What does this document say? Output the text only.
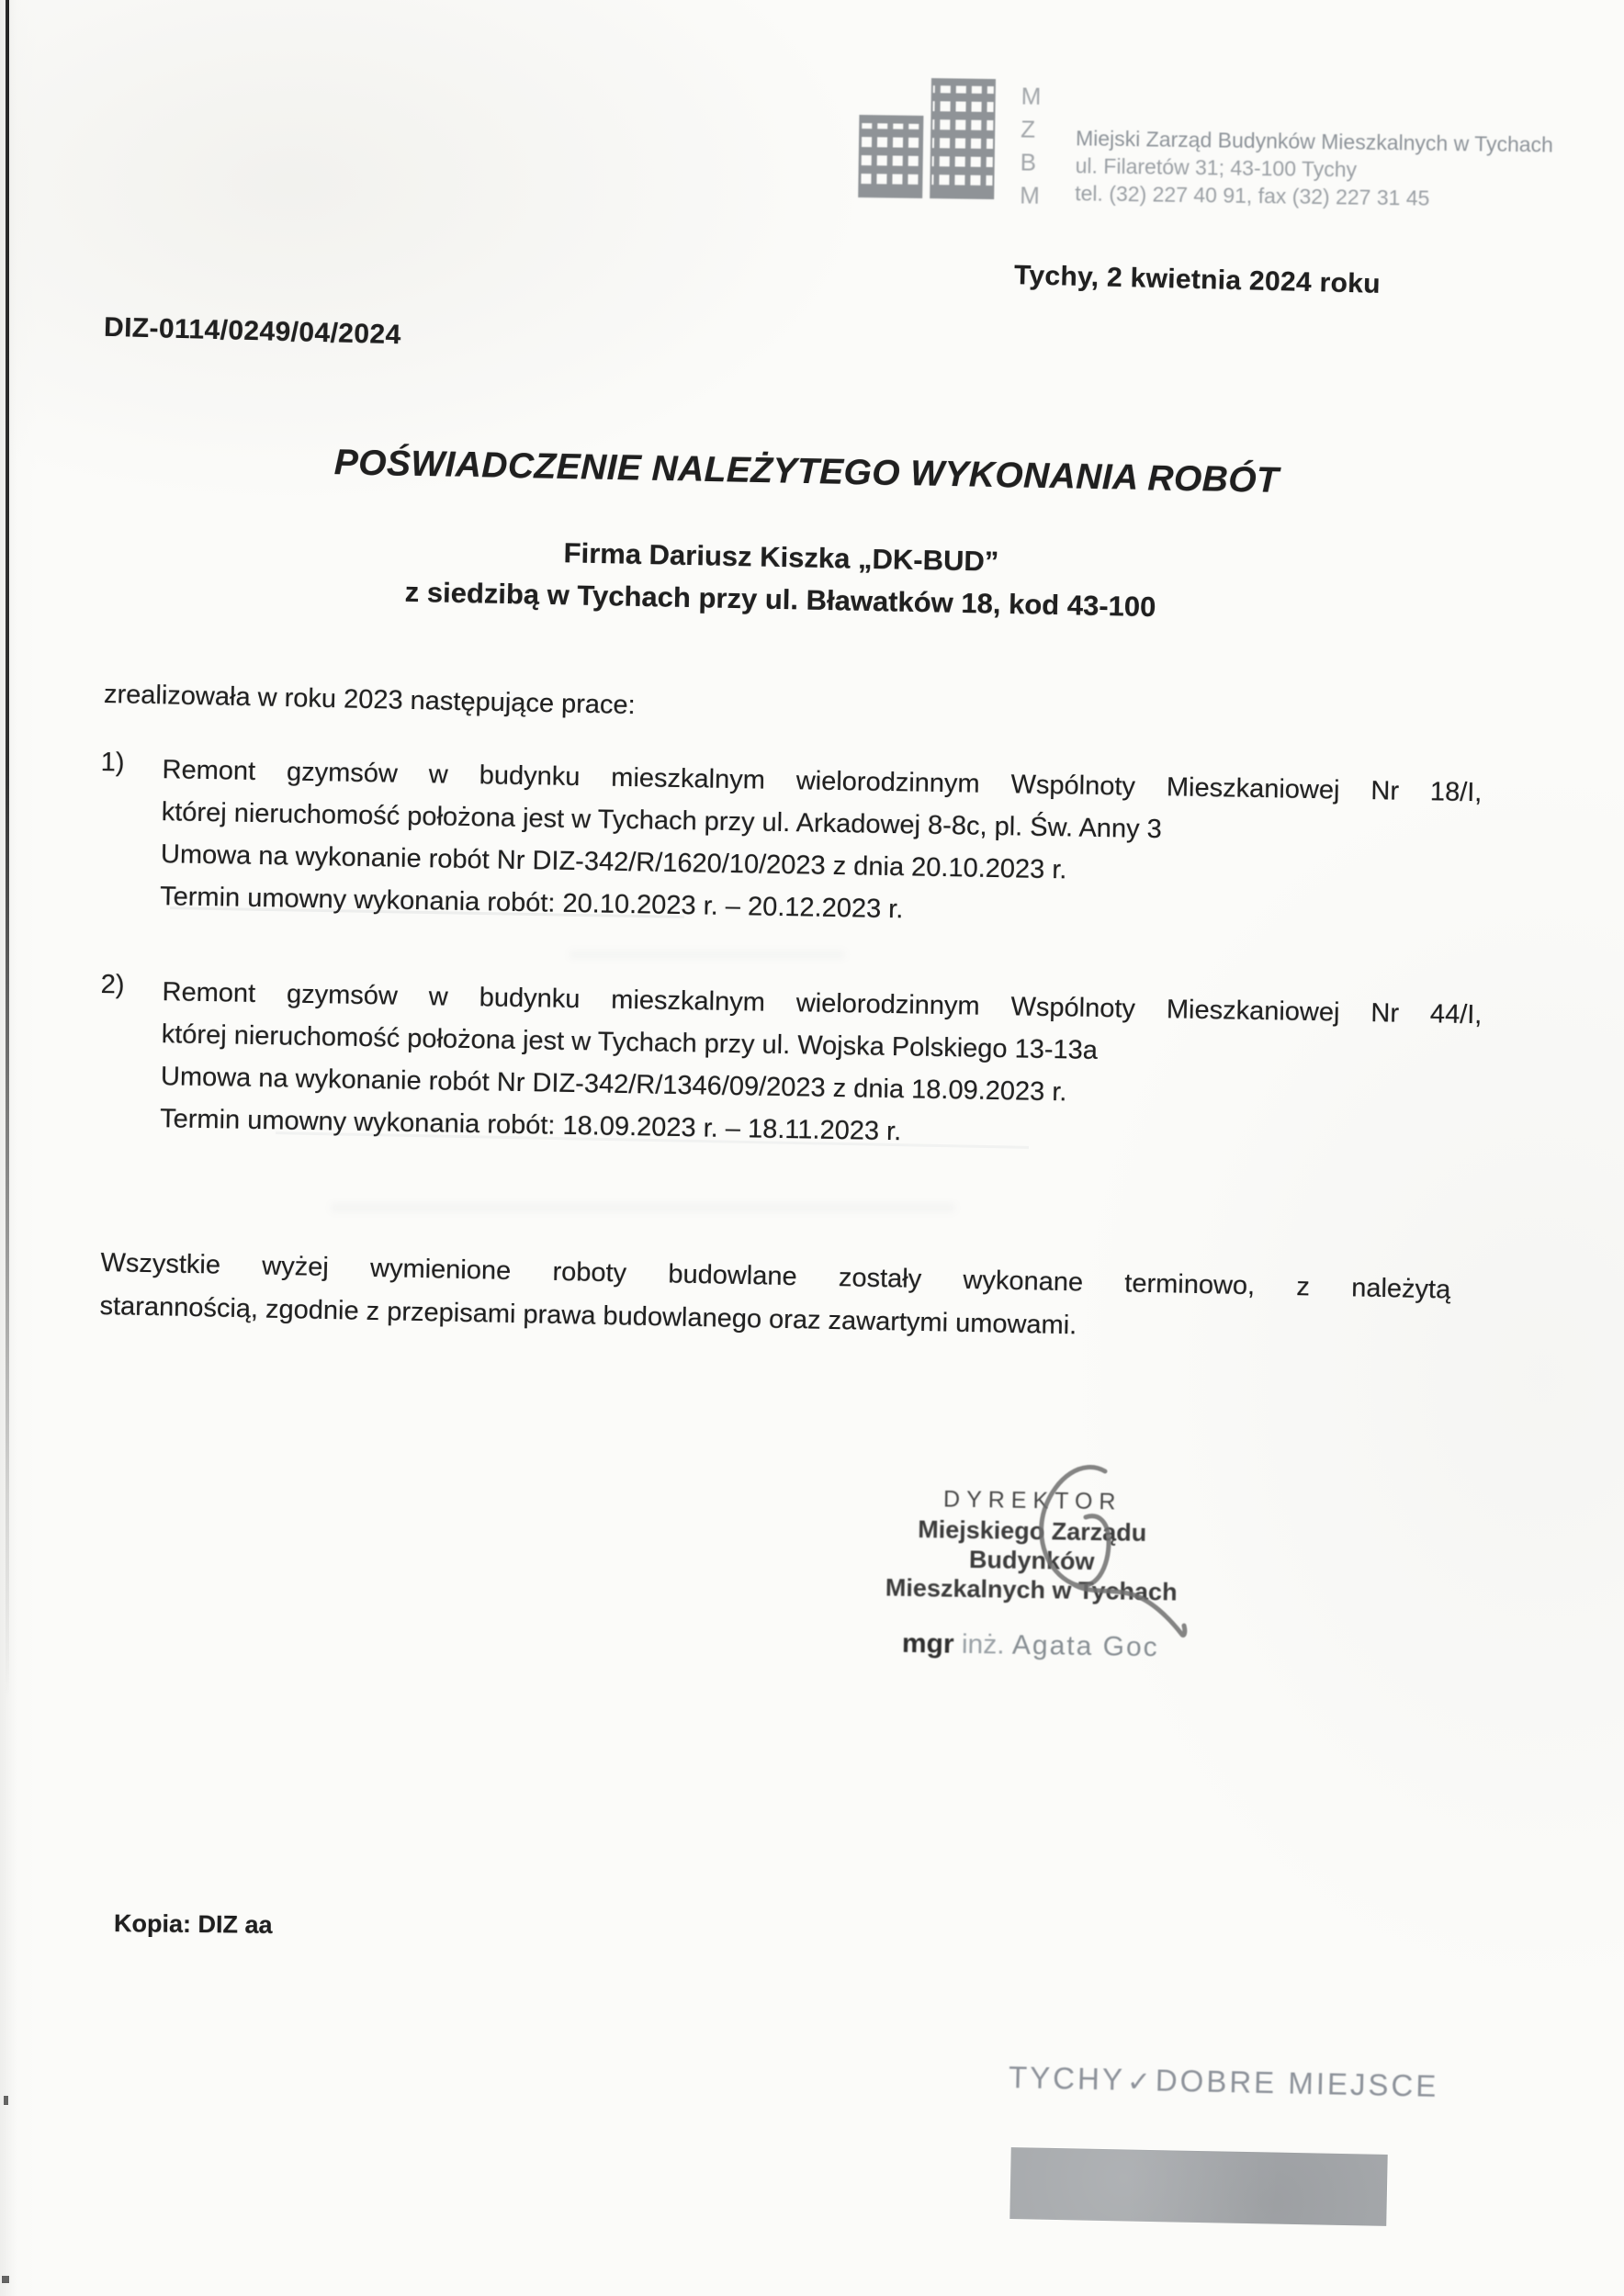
M
Z
B
M
Miejski Zarząd Budynków Mieszkalnych w Tychach
ul. Filaretów 31; 43-100 Tychy
tel. (32) 227 40 91, fax (32) 227 31 45
Tychy, 2 kwietnia 2024 roku
DIZ-0114/0249/04/2024
POŚWIADCZENIE NALEŻYTEGO WYKONANIA ROBÓT
Firma Dariusz Kiszka „DK-BUD”
z siedzibą w Tychach przy ul. Bławatków 18, kod 43-100
zrealizowała w roku 2023 następujące prace:
1) Remont gzymsów w budynku mieszkalnym wielorodzinnym Wspólnoty Mieszkaniowej Nr 18/I,
której nieruchomość położona jest w Tychach przy ul. Arkadowej 8-8c, pl. Św. Anny 3
Umowa na wykonanie robót Nr DIZ-342/R/1620/10/2023 z dnia 20.10.2023 r.
Termin umowny wykonania robót: 20.10.2023 r. – 20.12.2023 r.
2) Remont gzymsów w budynku mieszkalnym wielorodzinnym Wspólnoty Mieszkaniowej Nr 44/I,
której nieruchomość położona jest w Tychach przy ul. Wojska Polskiego 13-13a
Umowa na wykonanie robót Nr DIZ-342/R/1346/09/2023 z dnia 18.09.2023 r.
Termin umowny wykonania robót: 18.09.2023 r. – 18.11.2023 r.
Wszystkie wyżej wymienione roboty budowlane zostały wykonane terminowo, z należytą
starannością, zgodnie z przepisami prawa budowlanego oraz zawartymi umowami.
DYREKTOR
Miejskiego Zarządu Budynków
Mieszkalnych w Tychach
mgr inż. Agata Goc
Kopia: DIZ aa
TYCHY✓DOBRE MIEJSCE
